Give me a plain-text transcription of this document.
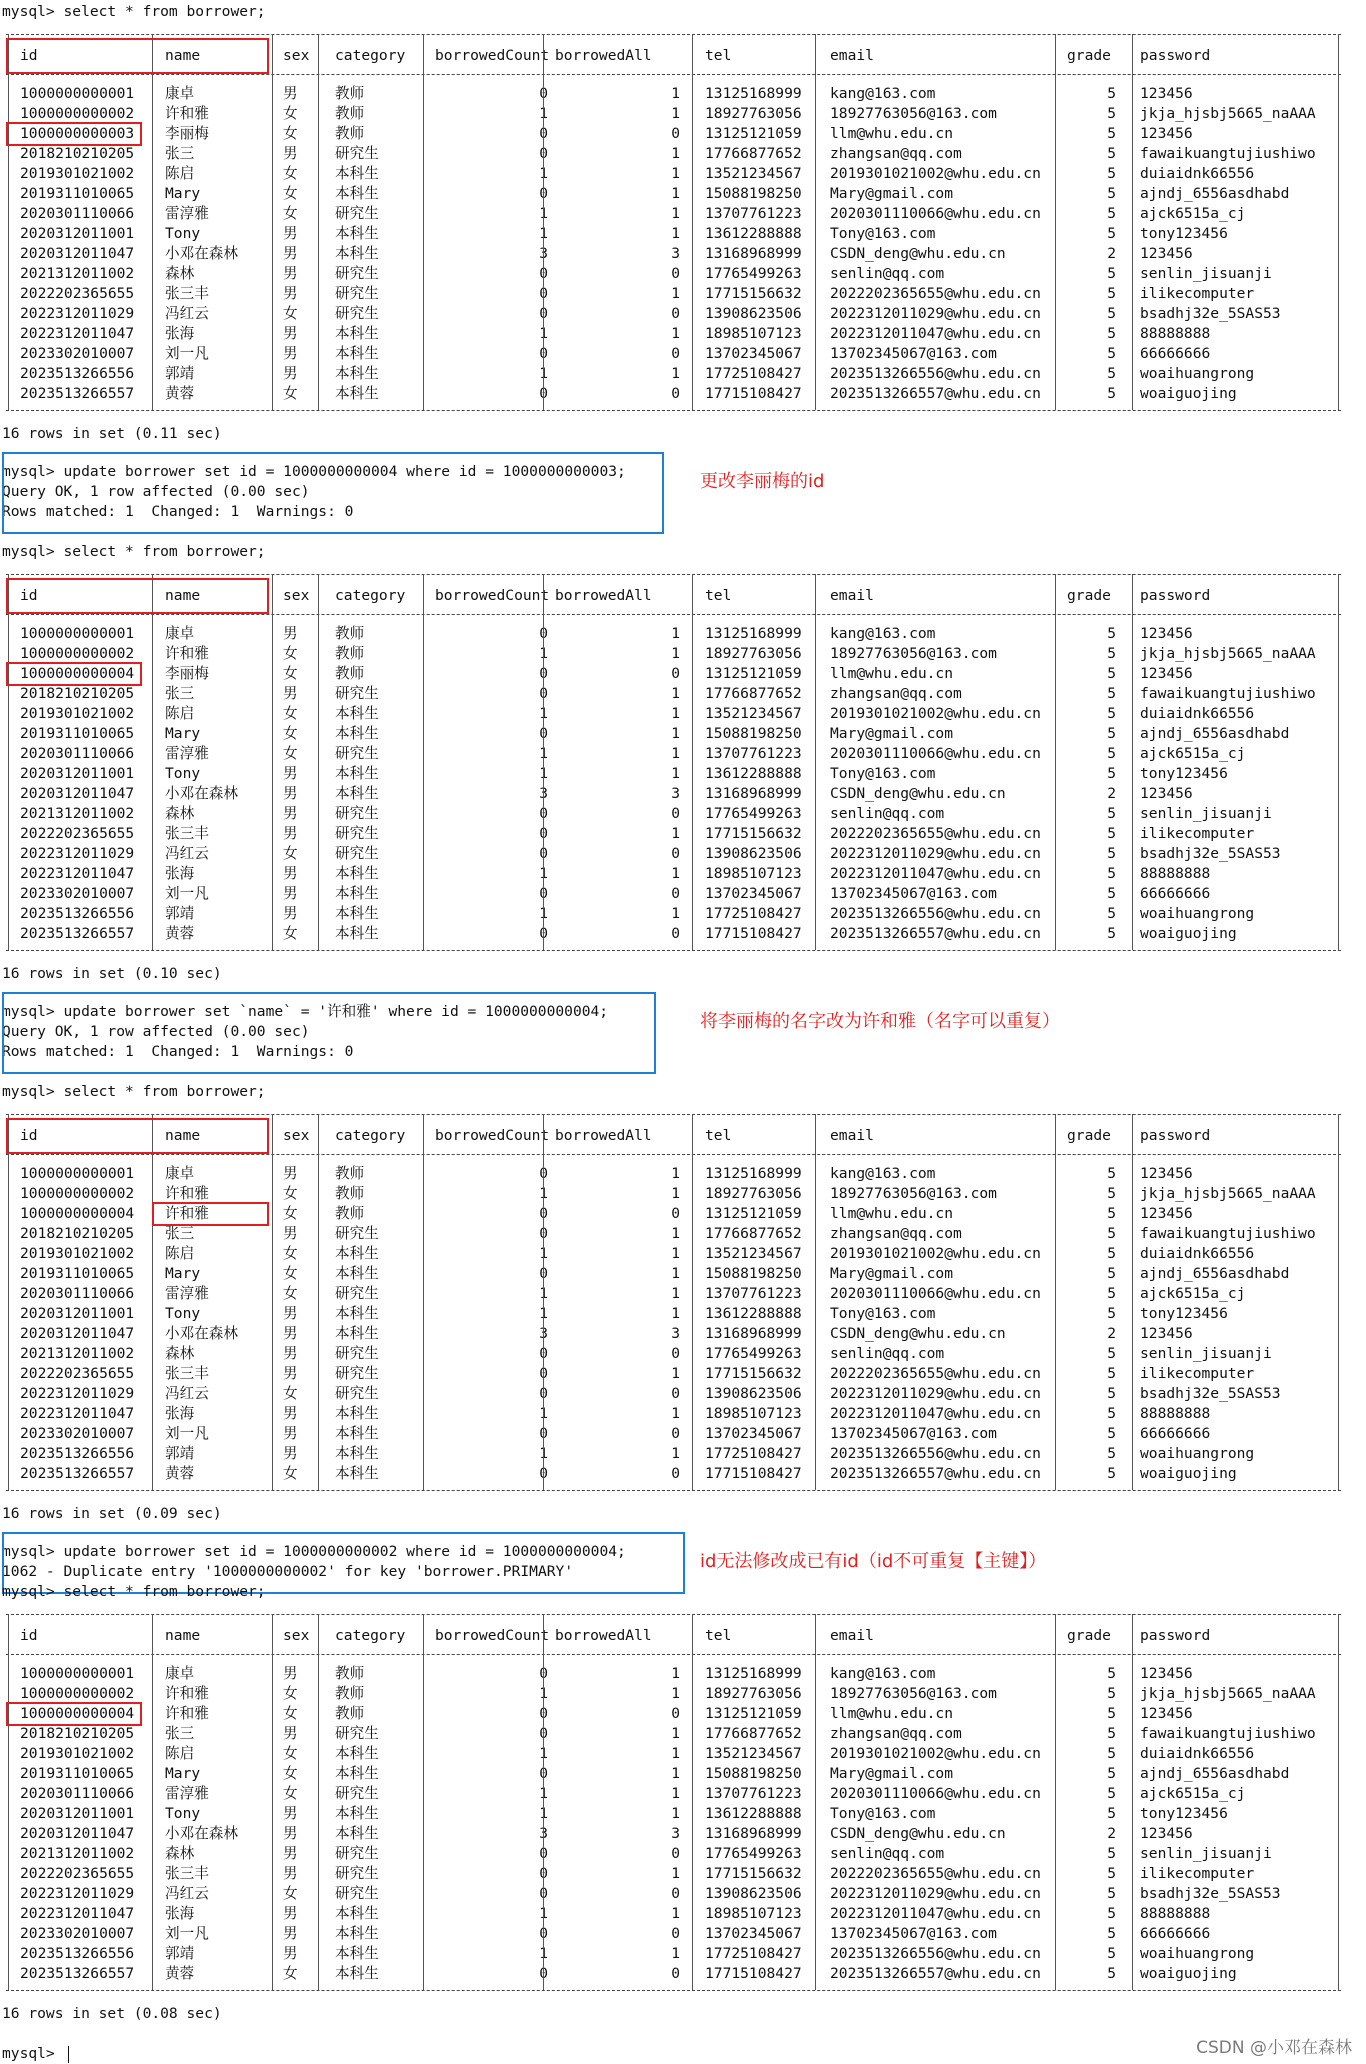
mysql> select * from borrower;
id	name	sex category borrowedCount borrowedAll	tel	email	grade password
1000000000001 康卓	男	教师	0	1 13125168999 kang@163.com	5 123456
1000000000002 许和雅	女	教师	1	1 18927763056 18927763056@163.com	5 jkja_hjsbj5665_naAAA
1000000000003 李丽梅	女	教师	0	0 13125121059 llm@whu.edu.cn	5 123456
2018210210205 张三	男	研究生	0	1 17766877652 zhangsan@qq.com	5 fawaikuangtujiushiwo
2019301021002 陈启	女	本科生	1	1 13521234567 2019301021002@whu.edu.cn	5 duiaidnk66556
2019311010065 Mary	女	本科生	0	1 15088198250 Mary@gmail.com	5 ajndj_6556asdhabd
2020301110066 雷淳雅	女	研究生	1	1 13707761223 2020301110066@whu.edu.cn	5 ajck6515a_cj
2020312011001 Tony	男	本科生	1	1 13612288888 Tony@163.com	5 tony123456
2020312011047 小邓在森林	男	本科生	3	3 13168968999 CSDN_deng@whu.edu.cn	2 123456
2021312011002 森林	男	研究生	0	0 17765499263 senlin@qq.com	5 senlin_jisuanji
2022202365655 张三丰	男	研究生	0	1 17715156632 2022202365655@whu.edu.cn	5 ilikecomputer
2022312011029 冯红云	女	研究生	0	0 13908623506 2022312011029@whu.edu.cn	5 bsadhj32e_5SAS53
2022312011047 张海	男	本科生	1	1 18985107123 2022312011047@whu.edu.cn	5 88888888
2023302010007 刘一凡	男	本科生	0	0 13702345067 13702345067@163.com	5 66666666
2023513266556 郭靖	男	本科生	1	1 17725108427 2023513266556@whu.edu.cn	5 woaihuangrong
2023513266557 黄蓉	女	本科生	0	0 17715108427 2023513266557@whu.edu.cn	5 woaiguojing
16 rows in set (0.11 sec)
mysql> update borrower set id = 1000000000004 where id = 1000000000003;
Query OK, 1 row affected (0.00 sec)
Rows matched: 1  Changed: 1  Warnings: 0
更改李丽梅的id
mysql> select * from borrower;
id	name	sex category borrowedCount borrowedAll	tel	email	grade password
1000000000001 康卓	男	教师	0	1 13125168999 kang@163.com	5 123456
1000000000002 许和雅	女	教师	1	1 18927763056 18927763056@163.com	5 jkja_hjsbj5665_naAAA
1000000000004 李丽梅	女	教师	0	0 13125121059 llm@whu.edu.cn	5 123456
2018210210205 张三	男	研究生	0	1 17766877652 zhangsan@qq.com	5 fawaikuangtujiushiwo
2019301021002 陈启	女	本科生	1	1 13521234567 2019301021002@whu.edu.cn	5 duiaidnk66556
2019311010065 Mary	女	本科生	0	1 15088198250 Mary@gmail.com	5 ajndj_6556asdhabd
2020301110066 雷淳雅	女	研究生	1	1 13707761223 2020301110066@whu.edu.cn	5 ajck6515a_cj
2020312011001 Tony	男	本科生	1	1 13612288888 Tony@163.com	5 tony123456
2020312011047 小邓在森林	男	本科生	3	3 13168968999 CSDN_deng@whu.edu.cn	2 123456
2021312011002 森林	男	研究生	0	0 17765499263 senlin@qq.com	5 senlin_jisuanji
2022202365655 张三丰	男	研究生	0	1 17715156632 2022202365655@whu.edu.cn	5 ilikecomputer
2022312011029 冯红云	女	研究生	0	0 13908623506 2022312011029@whu.edu.cn	5 bsadhj32e_5SAS53
2022312011047 张海	男	本科生	1	1 18985107123 2022312011047@whu.edu.cn	5 88888888
2023302010007 刘一凡	男	本科生	0	0 13702345067 13702345067@163.com	5 66666666
2023513266556 郭靖	男	本科生	1	1 17725108427 2023513266556@whu.edu.cn	5 woaihuangrong
2023513266557 黄蓉	女	本科生	0	0 17715108427 2023513266557@whu.edu.cn	5 woaiguojing
16 rows in set (0.10 sec)
mysql> update borrower set `name` = '许和雅' where id = 1000000000004;
Query OK, 1 row affected (0.00 sec)
Rows matched: 1  Changed: 1  Warnings: 0
将李丽梅的名字改为许和雅（名字可以重复）
mysql> select * from borrower;
id	name	sex category borrowedCount borrowedAll	tel	email	grade password
1000000000001 康卓	男	教师	0	1 13125168999 kang@163.com	5 123456
1000000000002 许和雅	女	教师	1	1 18927763056 18927763056@163.com	5 jkja_hjsbj5665_naAAA
1000000000004 许和雅	女	教师	0	0 13125121059 llm@whu.edu.cn	5 123456
2018210210205 张三	男	研究生	0	1 17766877652 zhangsan@qq.com	5 fawaikuangtujiushiwo
2019301021002 陈启	女	本科生	1	1 13521234567 2019301021002@whu.edu.cn	5 duiaidnk66556
2019311010065 Mary	女	本科生	0	1 15088198250 Mary@gmail.com	5 ajndj_6556asdhabd
2020301110066 雷淳雅	女	研究生	1	1 13707761223 2020301110066@whu.edu.cn	5 ajck6515a_cj
2020312011001 Tony	男	本科生	1	1 13612288888 Tony@163.com	5 tony123456
2020312011047 小邓在森林	男	本科生	3	3 13168968999 CSDN_deng@whu.edu.cn	2 123456
2021312011002 森林	男	研究生	0	0 17765499263 senlin@qq.com	5 senlin_jisuanji
2022202365655 张三丰	男	研究生	0	1 17715156632 2022202365655@whu.edu.cn	5 ilikecomputer
2022312011029 冯红云	女	研究生	0	0 13908623506 2022312011029@whu.edu.cn	5 bsadhj32e_5SAS53
2022312011047 张海	男	本科生	1	1 18985107123 2022312011047@whu.edu.cn	5 88888888
2023302010007 刘一凡	男	本科生	0	0 13702345067 13702345067@163.com	5 66666666
2023513266556 郭靖	男	本科生	1	1 17725108427 2023513266556@whu.edu.cn	5 woaihuangrong
2023513266557 黄蓉	女	本科生	0	0 17715108427 2023513266557@whu.edu.cn	5 woaiguojing
16 rows in set (0.09 sec)
mysql> update borrower set id = 1000000000002 where id = 1000000000004;
1062 - Duplicate entry '1000000000002' for key 'borrower.PRIMARY'	id无法修改成已有id（id不可重复【主键】）
mysql> select * from borrower;
id	name	sex category borrowedCount borrowedAll	tel	email	grade password
1000000000001 康卓	男	教师	0	1 13125168999 kang@163.com	5 123456
1000000000002 许和雅	女	教师	1	1 18927763056 18927763056@163.com	5 jkja_hjsbj5665_naAAA
1000000000004 许和雅	女	教师	0	0 13125121059 llm@whu.edu.cn	5 123456
2018210210205 张三	男	研究生	0	1 17766877652 zhangsan@qq.com	5 fawaikuangtujiushiwo
2019301021002 陈启	女	本科生	1	1 13521234567 2019301021002@whu.edu.cn	5 duiaidnk66556
2019311010065 Mary	女	本科生	0	1 15088198250 Mary@gmail.com	5 ajndj_6556asdhabd
2020301110066 雷淳雅	女	研究生	1	1 13707761223 2020301110066@whu.edu.cn	5 ajck6515a_cj
2020312011001 Tony	男	本科生	1	1 13612288888 Tony@163.com	5 tony123456
2020312011047 小邓在森林	男	本科生	3	3 13168968999 CSDN_deng@whu.edu.cn	2 123456
2021312011002 森林	男	研究生	0	0 17765499263 senlin@qq.com	5 senlin_jisuanji
2022202365655 张三丰	男	研究生	0	1 17715156632 2022202365655@whu.edu.cn	5 ilikecomputer
2022312011029 冯红云	女	研究生	0	0 13908623506 2022312011029@whu.edu.cn	5 bsadhj32e_5SAS53
2022312011047 张海	男	本科生	1	1 18985107123 2022312011047@whu.edu.cn	5 88888888
2023302010007 刘一凡	男	本科生	0	0 13702345067 13702345067@163.com	5 66666666
2023513266556 郭靖	男	本科生	1	1 17725108427 2023513266556@whu.edu.cn	5 woaihuangrong
2023513266557 黄蓉	女	本科生	0	0 17715108427 2023513266557@whu.edu.cn	5 woaiguojing
16 rows in set (0.08 sec)
mysql>	CSDN @小邓在森林
